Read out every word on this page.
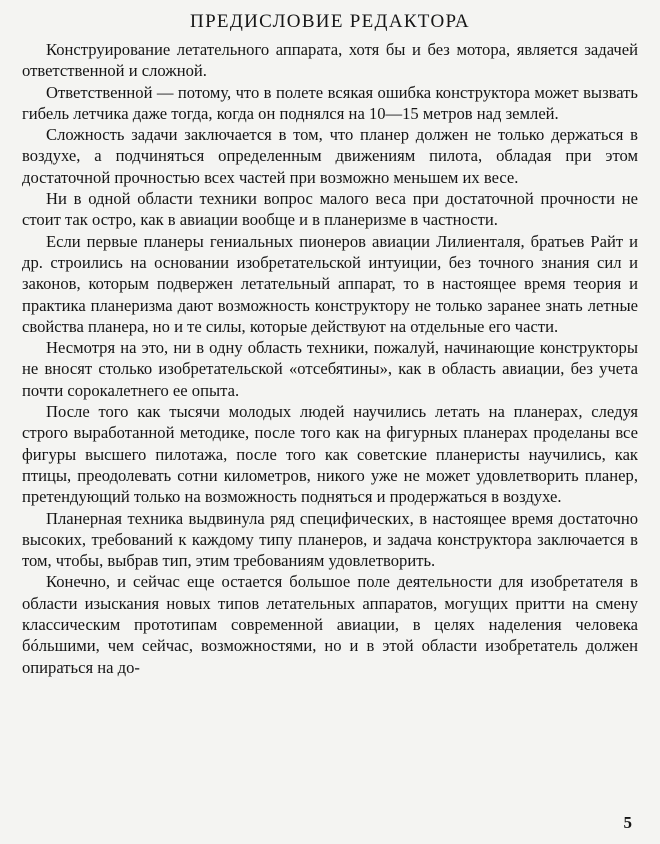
ПРЕДИСЛОВИЕ РЕДАКТОРА

Конструирование летательного аппарата, хотя бы и без мотора, является задачей ответственной и сложной.

Ответственной — потому, что в полете всякая ошибка конструктора может вызвать гибель летчика даже тогда, когда он поднялся на 10—15 метров над землей.

Сложность задачи заключается в том, что планер должен не только держаться в воздухе, а подчиняться определенным движениям пилота, обладая при этом достаточной прочностью всех частей при возможно меньшем их весе.

Ни в одной области техники вопрос малого веса при достаточной прочности не стоит так остро, как в авиации вообще и в планеризме в частности.

Если первые планеры гениальных пионеров авиации Лилиенталя, братьев Райт и др. строились на основании изобретательской интуиции, без точного знания сил и законов, которым подвержен летательный аппарат, то в настоящее время теория и практика планеризма дают возможность конструктору не только заранее знать летные свойства планера, но и те силы, которые действуют на отдельные его части.

Несмотря на это, ни в одну область техники, пожалуй, начинающие конструкторы не вносят столько изобретательской «отсебятины», как в область авиации, без учета почти сорокалетнего ее опыта.

После того как тысячи молодых людей научились летать на планерах, следуя строго выработанной методике, после того как на фигурных планерах проделаны все фигуры высшего пилотажа, после того как советские планеристы научились, как птицы, преодолевать сотни километров, никого уже не может удовлетворить планер, претендующий только на возможность подняться и продержаться в воздухе.

Планерная техника выдвинула ряд специфических, в настоящее время достаточно высоких, требований к каждому типу планеров, и задача конструктора заключается в том, чтобы, выбрав тип, этим требованиям удовлетворить.

Конечно, и сейчас еще остается большое поле деятельности для изобретателя в области изыскания новых типов летательных аппаратов, могущих притти на смену классическим прототипам современной авиации, в целях наделения человека бóльшими, чем сейчас, возможностями, но и в этой области изобретатель должен опираться на до-

5
